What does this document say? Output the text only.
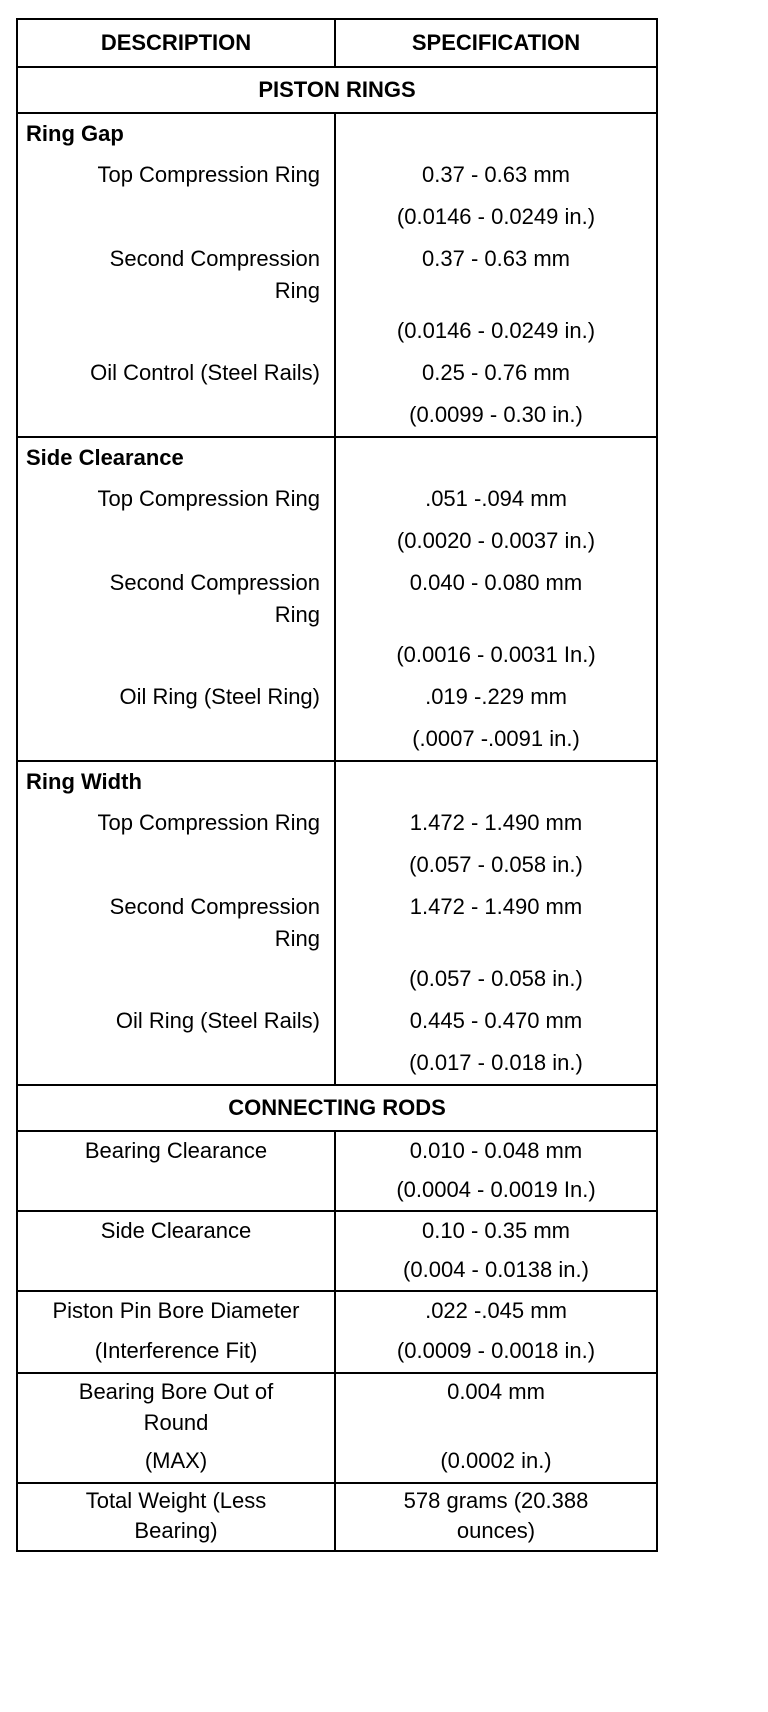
DESCRIPTION	SPECIFICATION
PISTON RINGS
Ring Gap
Top Compression Ring	0.37 - 0.63 mm
(0.0146 - 0.0249 in.)
Second Compression	0.37 - 0.63 mm
Ring
(0.0146 - 0.0249 in.)
Oil Control (Steel Rails)	0.25 - 0.76 mm
(0.0099 - 0.30 in.)
Side Clearance
Top Compression Ring	.051 -.094 mm
(0.0020 - 0.0037 in.)
Second Compression	0.040 - 0.080 mm
Ring
(0.0016 - 0.0031 In.)
Oil Ring (Steel Ring)	.019 -.229 mm
(.0007 -.0091 in.)
Ring Width
Top Compression Ring	1.472 - 1.490 mm
(0.057 - 0.058 in.)
Second Compression	1.472 - 1.490 mm
Ring
(0.057 - 0.058 in.)
Oil Ring (Steel Rails)	0.445 - 0.470 mm
(0.017 - 0.018 in.)
CONNECTING RODS
Bearing Clearance	0.010 - 0.048 mm
(0.0004 - 0.0019 In.)
Side Clearance	0.10 - 0.35 mm
(0.004 - 0.0138 in.)
Piston Pin Bore Diameter	.022 -.045 mm
(Interference Fit)	(0.0009 - 0.0018 in.)
Bearing Bore Out of	0.004 mm
Round
(MAX)	(0.0002 in.)
Total Weight (Less	578 grams (20.388
Bearing)	ounces)
